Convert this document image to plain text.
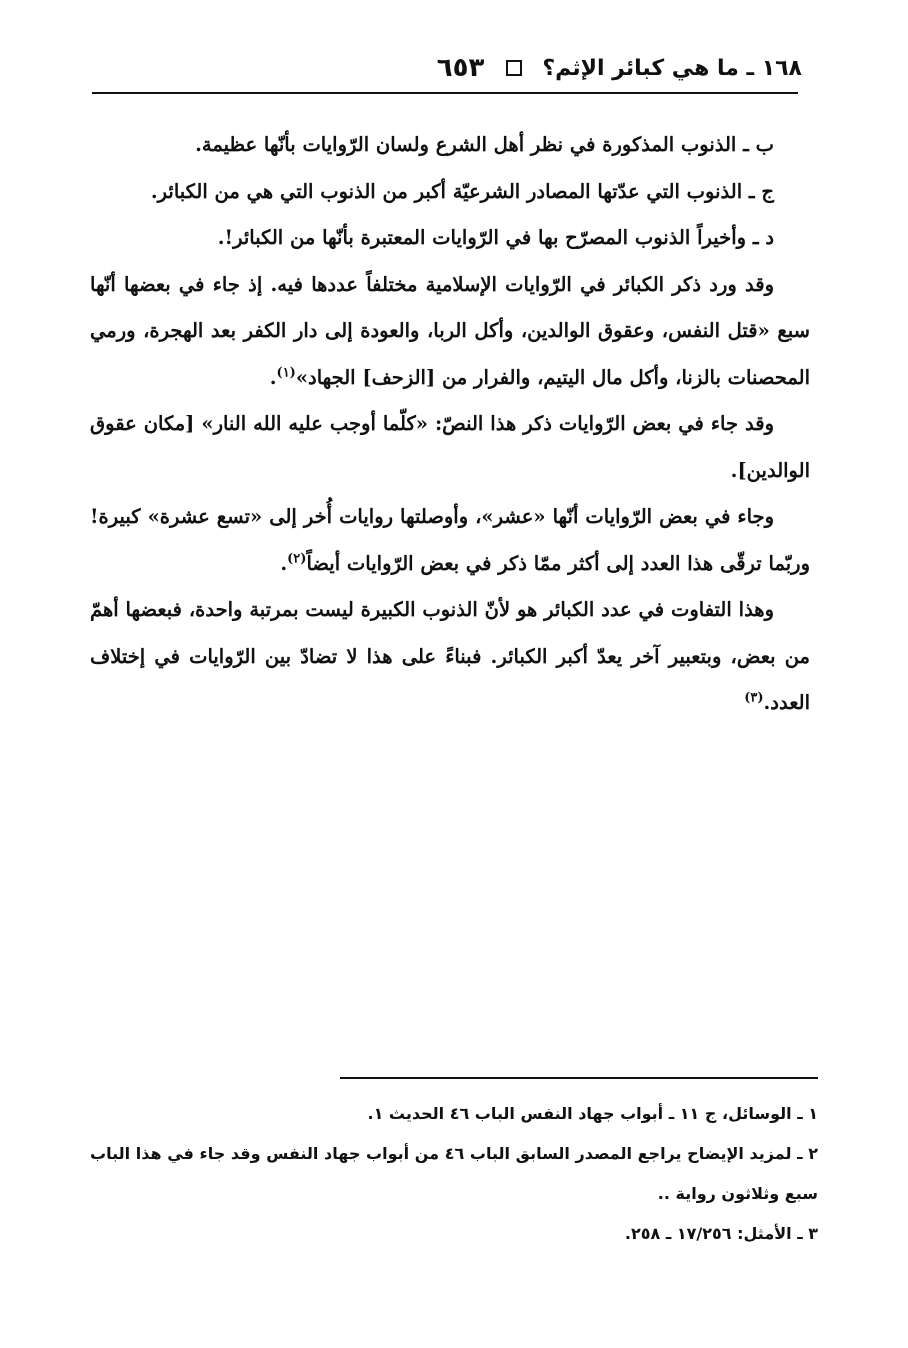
٦٥٣	١٦٨ ـ ما هي كبائر الإثم؟

ب ـ الذنوب المذكورة في نظر أهل الشرع ولسان الرّوايات بأنّها عظيمة.

ج ـ الذنوب التي عدّتها المصادر الشرعيّة أكبر من الذنوب التي هي من الكبائر.

د ـ وأخيراً الذنوب المصرّح بها في الرّوايات المعتبرة بأنّها من الكبائر!.

وقد ورد ذكر الكبائر في الرّوايات الإسلامية مختلفاً عددها فيه. إذ جاء في بعضها أنّها سبع «قتل النفس، وعقوق الوالدين، وأكل الربا، والعودة إلى دار الكفر بعد الهجرة، ورمي المحصنات بالزنا، وأكل مال اليتيم، والفرار من [الزحف] الجهاد»$^{(١)}$.

وقد جاء في بعض الرّوايات ذكر هذا النصّ: «كلّما أوجب عليه الله النار» [مكان عقوق الوالدين].

وجاء في بعض الرّوايات أنّها «عشر»، وأوصلتها روايات أُخر إلى «تسع عشرة» كبيرة! وربّما ترقّى هذا العدد إلى أكثر ممّا ذكر في بعض الرّوايات أيضاً$^{(٢)}$.

وهذا التفاوت في عدد الكبائر هو لأنّ الذنوب الكبيرة ليست بمرتبة واحدة، فبعضها أهمّ من بعض، وبتعبير آخر يعدّ أكبر الكبائر. فبناءً على هذا لا تضادّ بين الرّوايات في إختلاف العدد.$^{(٣)}$

١ ـ الوسائل، ج ١١ ـ أبواب جهاد النفس الباب ٤٦ الحديث ١.

٢ ـ لمزيد الإيضاح يراجع المصدر السابق الباب ٤٦ من أبواب جهاد النفس وقد جاء في هذا الباب سبع وثلاثون رواية ..

٣ ـ الأمثل: ١٧/٢٥٦ ـ ٢٥٨.
